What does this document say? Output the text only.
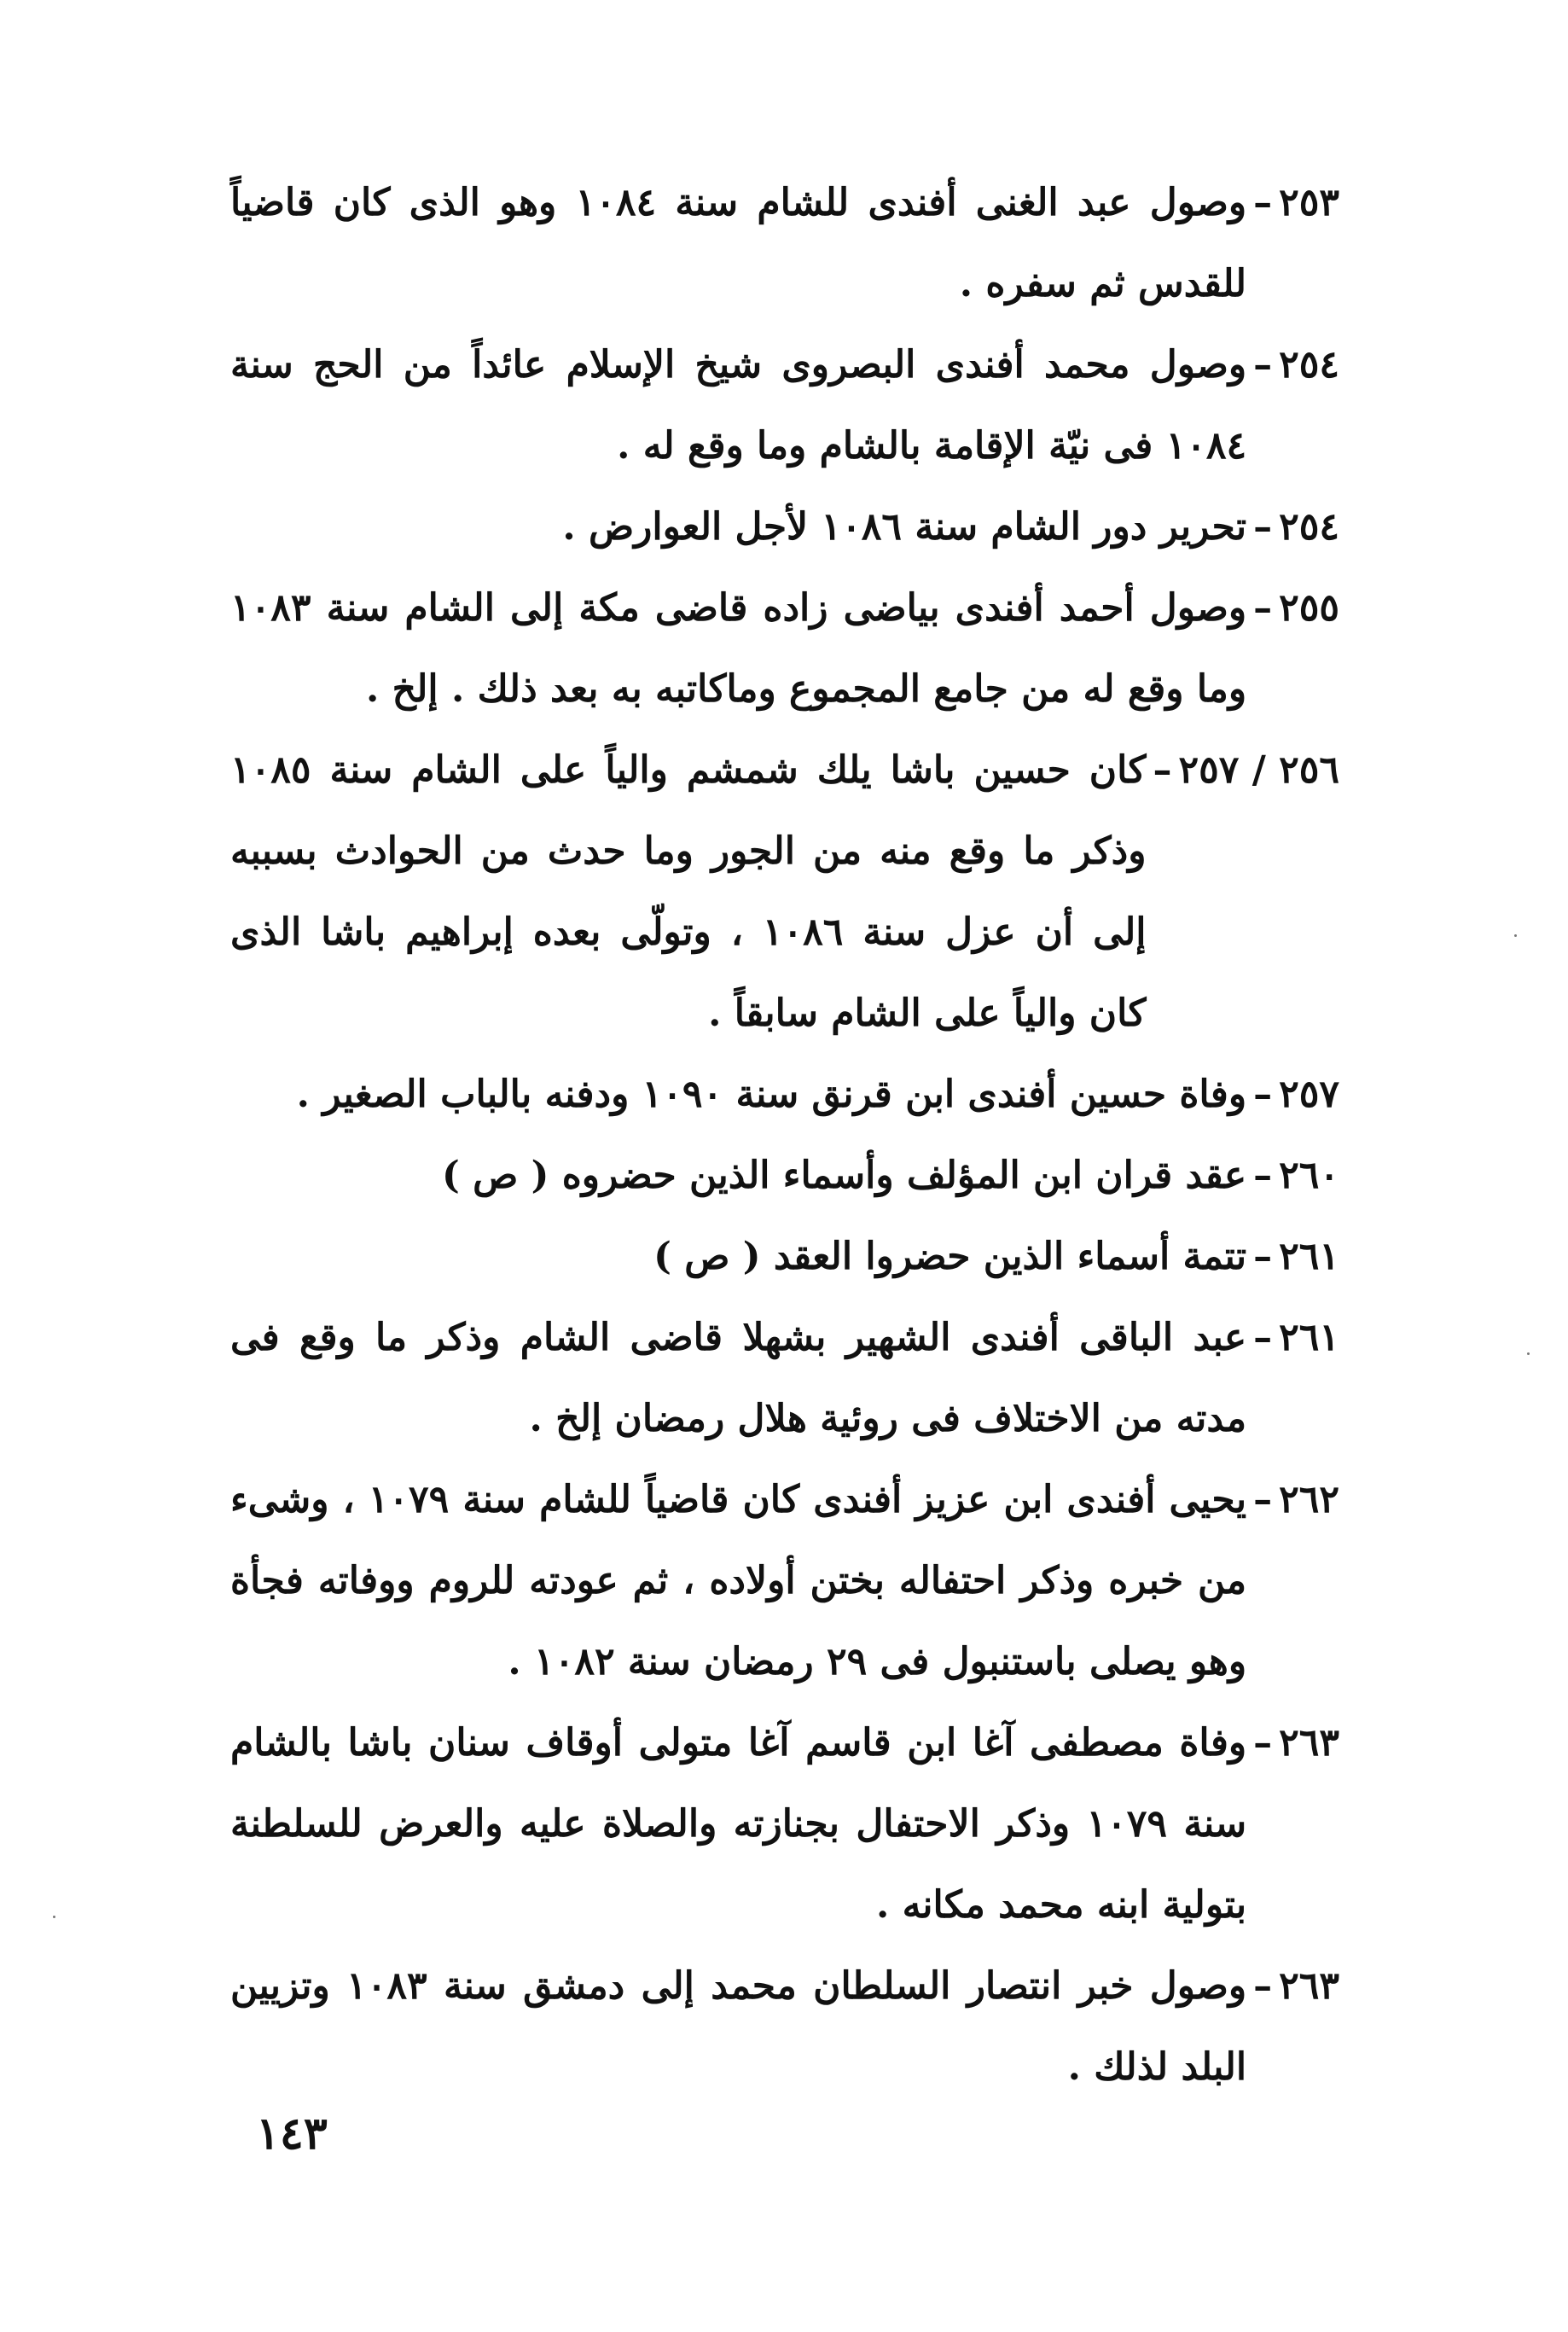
٢٥٣
–
وصول عبد الغنى أفندى للشام سنة ١٠٨٤ وهو الذى كان قاضياً للقدس ثم سفره .
٢٥٤
–
وصول محمد أفندى البصروى شيخ الإسلام عائداً من الحج سنة ١٠٨٤ فى نيّة الإقامة بالشام وما وقع له .
٢٥٤
–
تحرير دور الشام سنة ١٠٨٦ لأجل العوارض .
٢٥٥
–
وصول أحمد أفندى بياضى زاده قاضى مكة إلى الشام سنة ١٠٨٣ وما وقع له من جامع المجموع وماكاتبه به بعد ذلك . إلخ .
٢٥٦ / ٢٥٧
–
كان حسين باشا يلك شمشم والياً على الشام سنة ١٠٨٥ وذكر ما وقع منه من الجور وما حدث من الحوادث بسببه إلى أن عزل سنة ١٠٨٦ ، وتولّى بعده إبراهيم باشا الذى كان والياً على الشام سابقاً .
٢٥٧
–
وفاة حسين أفندى ابن قرنق سنة ١٠٩٠ ودفنه بالباب الصغير .
٢٦٠
–
عقد قران ابن المؤلف وأسماء الذين حضروه ( ص )
٢٦١
–
تتمة أسماء الذين حضروا العقد ( ص )
٢٦١
–
عبد الباقى أفندى الشهير بشهلا قاضى الشام وذكر ما وقع فى مدته من الاختلاف فى روئية هلال رمضان إلخ .
٢٦٢
–
يحيى أفندى ابن عزيز أفندى كان قاضياً للشام سنة ١٠٧٩ ، وشىء من خبره وذكر احتفاله بختن أولاده ، ثم عودته للروم ووفاته فجأة وهو يصلى باستنبول فى ٢٩ رمضان سنة ١٠٨٢ .
٢٦٣
–
وفاة مصطفى آغا ابن قاسم آغا متولى أوقاف سنان باشا بالشام سنة ١٠٧٩ وذكر الاحتفال بجنازته والصلاة عليه والعرض للسلطنة بتولية ابنه محمد مكانه .
٢٦٣
–
وصول خبر انتصار السلطان محمد إلى دمشق سنة ١٠٨٣ وتزيين البلد لذلك .
١٤٣
